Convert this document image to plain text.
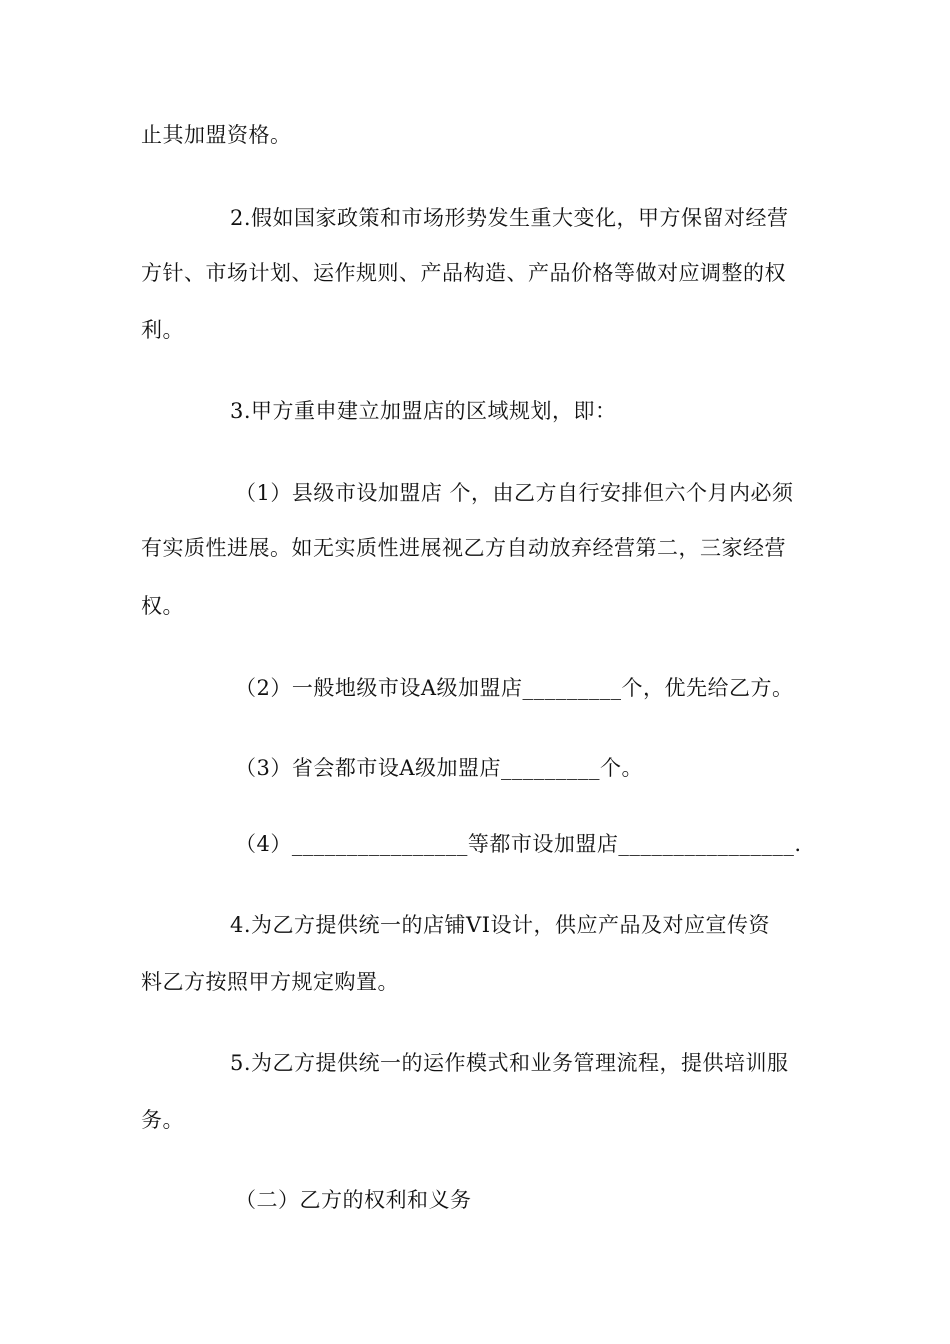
止其加盟资格。
2.假如国家政策和市场形势发生重大变化，甲方保留对经营
方针、市场计划、运作规则、产品构造、产品价格等做对应调整的权
利。
3.甲方重申建立加盟店的区域规划，即：
（1）县级市设加盟店 个，由乙方自行安排但六个月内必须
有实质性进展。如无实质性进展视乙方自动放弃经营第二，三家经营
权。
（2）一般地级市设A级加盟店_________个，优先给乙方。
（3）省会都市设A级加盟店_________个。
（4）________________等都市设加盟店________________.
4.为乙方提供统一的店铺VI设计，供应产品及对应宣传资
料乙方按照甲方规定购置。
5.为乙方提供统一的运作模式和业务管理流程，提供培训服
务。
（二）乙方的权利和义务
